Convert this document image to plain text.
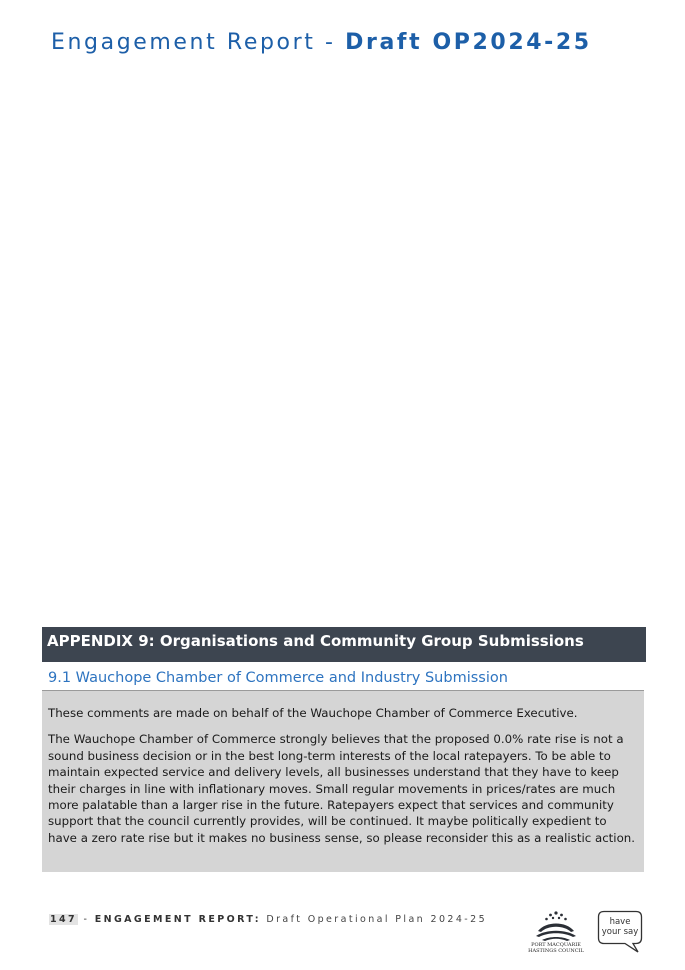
Engagement Report - Draft OP2024-25
APPENDIX 9: Organisations and Community Group Submissions
9.1 Wauchope Chamber of Commerce and Industry Submission

These comments are made on behalf of the Wauchope Chamber of Commerce Executive.

The Wauchope Chamber of Commerce strongly believes that the proposed 0.0% rate rise is not a sound business decision or in the best long-term interests of the local ratepayers. To be able to maintain expected service and delivery levels, all businesses understand that they have to keep their charges in line with inflationary moves. Small regular movements in prices/rates are much more palatable than a larger rise in the future. Ratepayers expect that services and community support that the council currently provides, will be continued. It maybe politically expedient to have a zero rate rise but it makes no business sense, so please reconsider this as a realistic action.

147 - ENGAGEMENT REPORT: Draft Operational Plan 2024-25
PORT MACQUARIE
HASTINGS COUNCIL
have
your say
